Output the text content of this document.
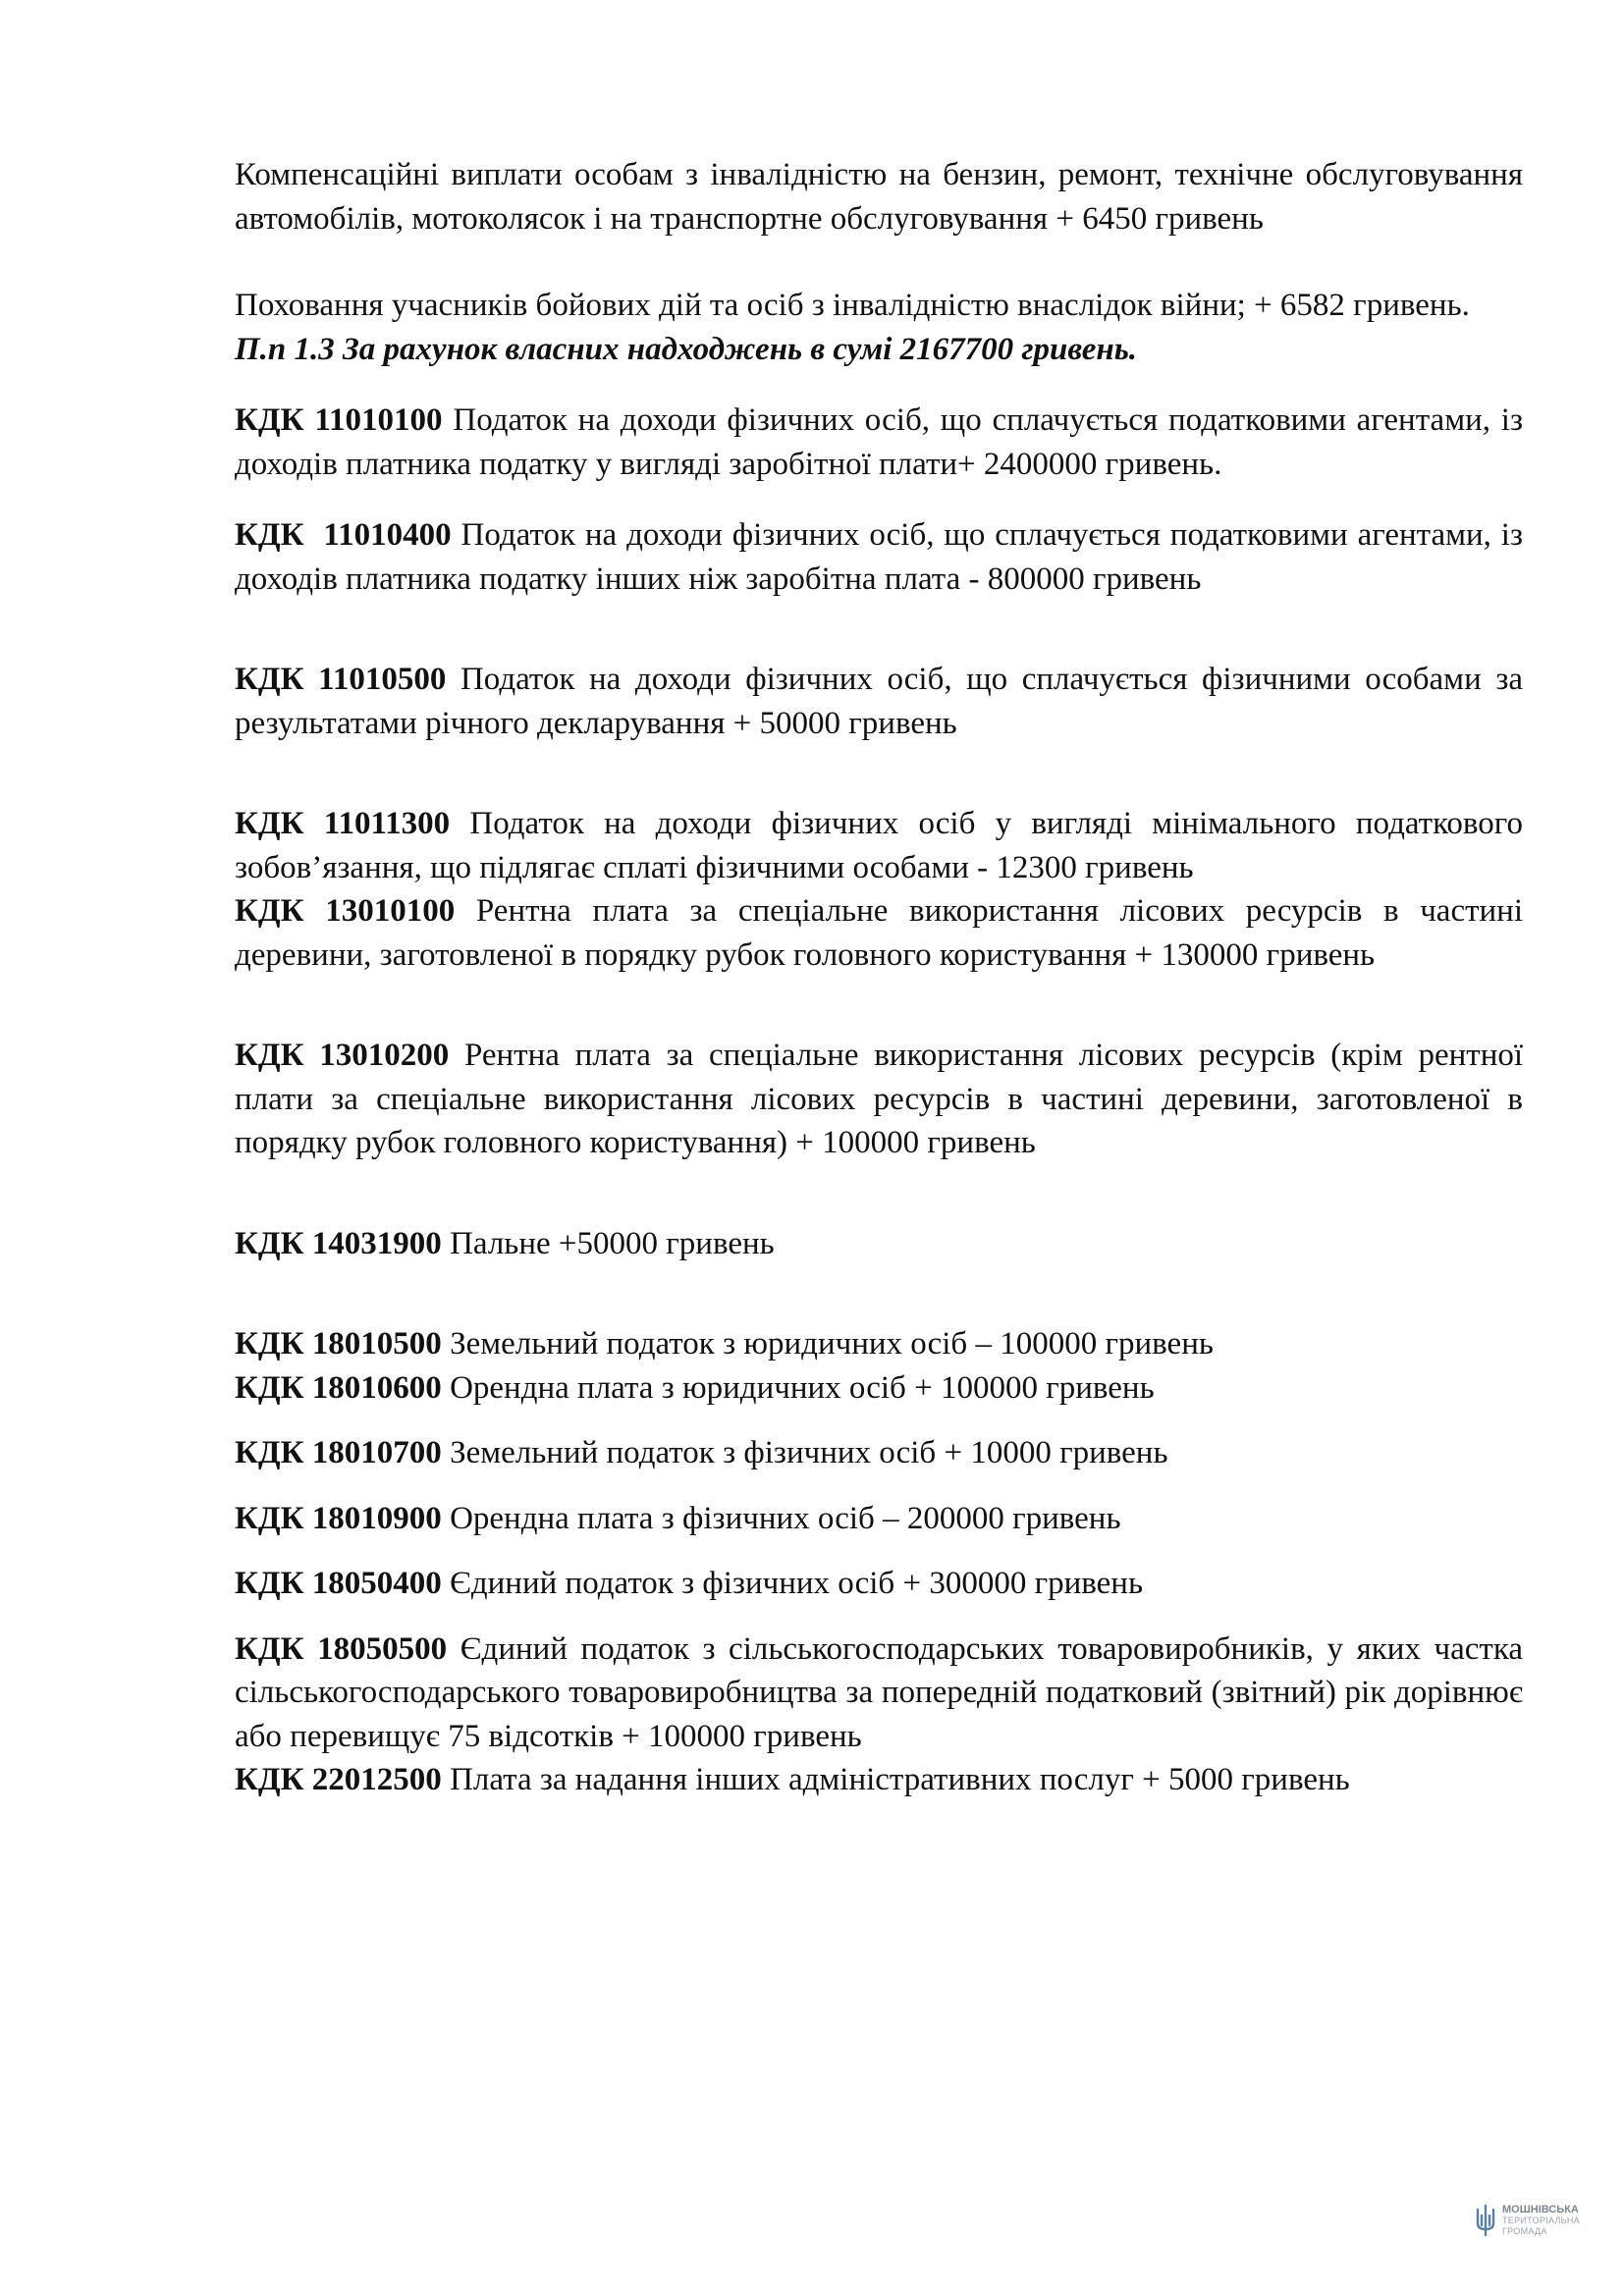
Компенсаційні виплати особам з інвалідністю на бензин, ремонт, технічне обслуговування автомобілів, мотоколясок і на транспортне обслуговування + 6450 гривень

Поховання учасників бойових дій та осіб з інвалідністю внаслідок війни; + 6582 гривень.

П.п 1.3 За рахунок власних надходжень в сумі 2167700 гривень.

КДК 11010100 Податок на доходи фізичних осіб, що сплачується податковими агентами, із доходів платника податку у вигляді заробітної плати+ 2400000 гривень.

КДК  11010400 Податок на доходи фізичних осіб, що сплачується податковими агентами, із доходів платника податку інших ніж заробітна плата - 800000 гривень

КДК 11010500 Податок на доходи фізичних осіб, що сплачується фізичними особами за результатами річного декларування + 50000 гривень

КДК 11011300 Податок на доходи фізичних осіб у вигляді мінімального податкового зобов’язання, що підлягає сплаті фізичними особами - 12300 гривень

КДК 13010100 Рентна плата за спеціальне використання лісових ресурсів в частині деревини, заготовленої в порядку рубок головного користування + 130000 гривень

КДК 13010200 Рентна плата за спеціальне використання лісових ресурсів (крім рентної плати за спеціальне використання лісових ресурсів в частині деревини, заготовленої в порядку рубок головного користування) + 100000 гривень

КДК 14031900 Пальне +50000 гривень

КДК 18010500 Земельний податок з юридичних осіб – 100000 гривень

КДК 18010600 Орендна плата з юридичних осіб + 100000 гривень

КДК 18010700 Земельний податок з фізичних осіб + 10000 гривень

КДК 18010900 Орендна плата з фізичних осіб – 200000 гривень

КДК 18050400 Єдиний податок з фізичних осіб + 300000 гривень

КДК 18050500 Єдиний податок з сільськогосподарських товаровиробників, у яких частка сільськогосподарського товаровиробництва за попередній податковий (звітний) рік дорівнює або перевищує 75 відсотків + 100000 гривень

КДК 22012500 Плата за надання інших адміністративних послуг + 5000 гривень

МОШНІВСЬКА
ТЕРИТОРІАЛЬНА
ГРОМАДА
